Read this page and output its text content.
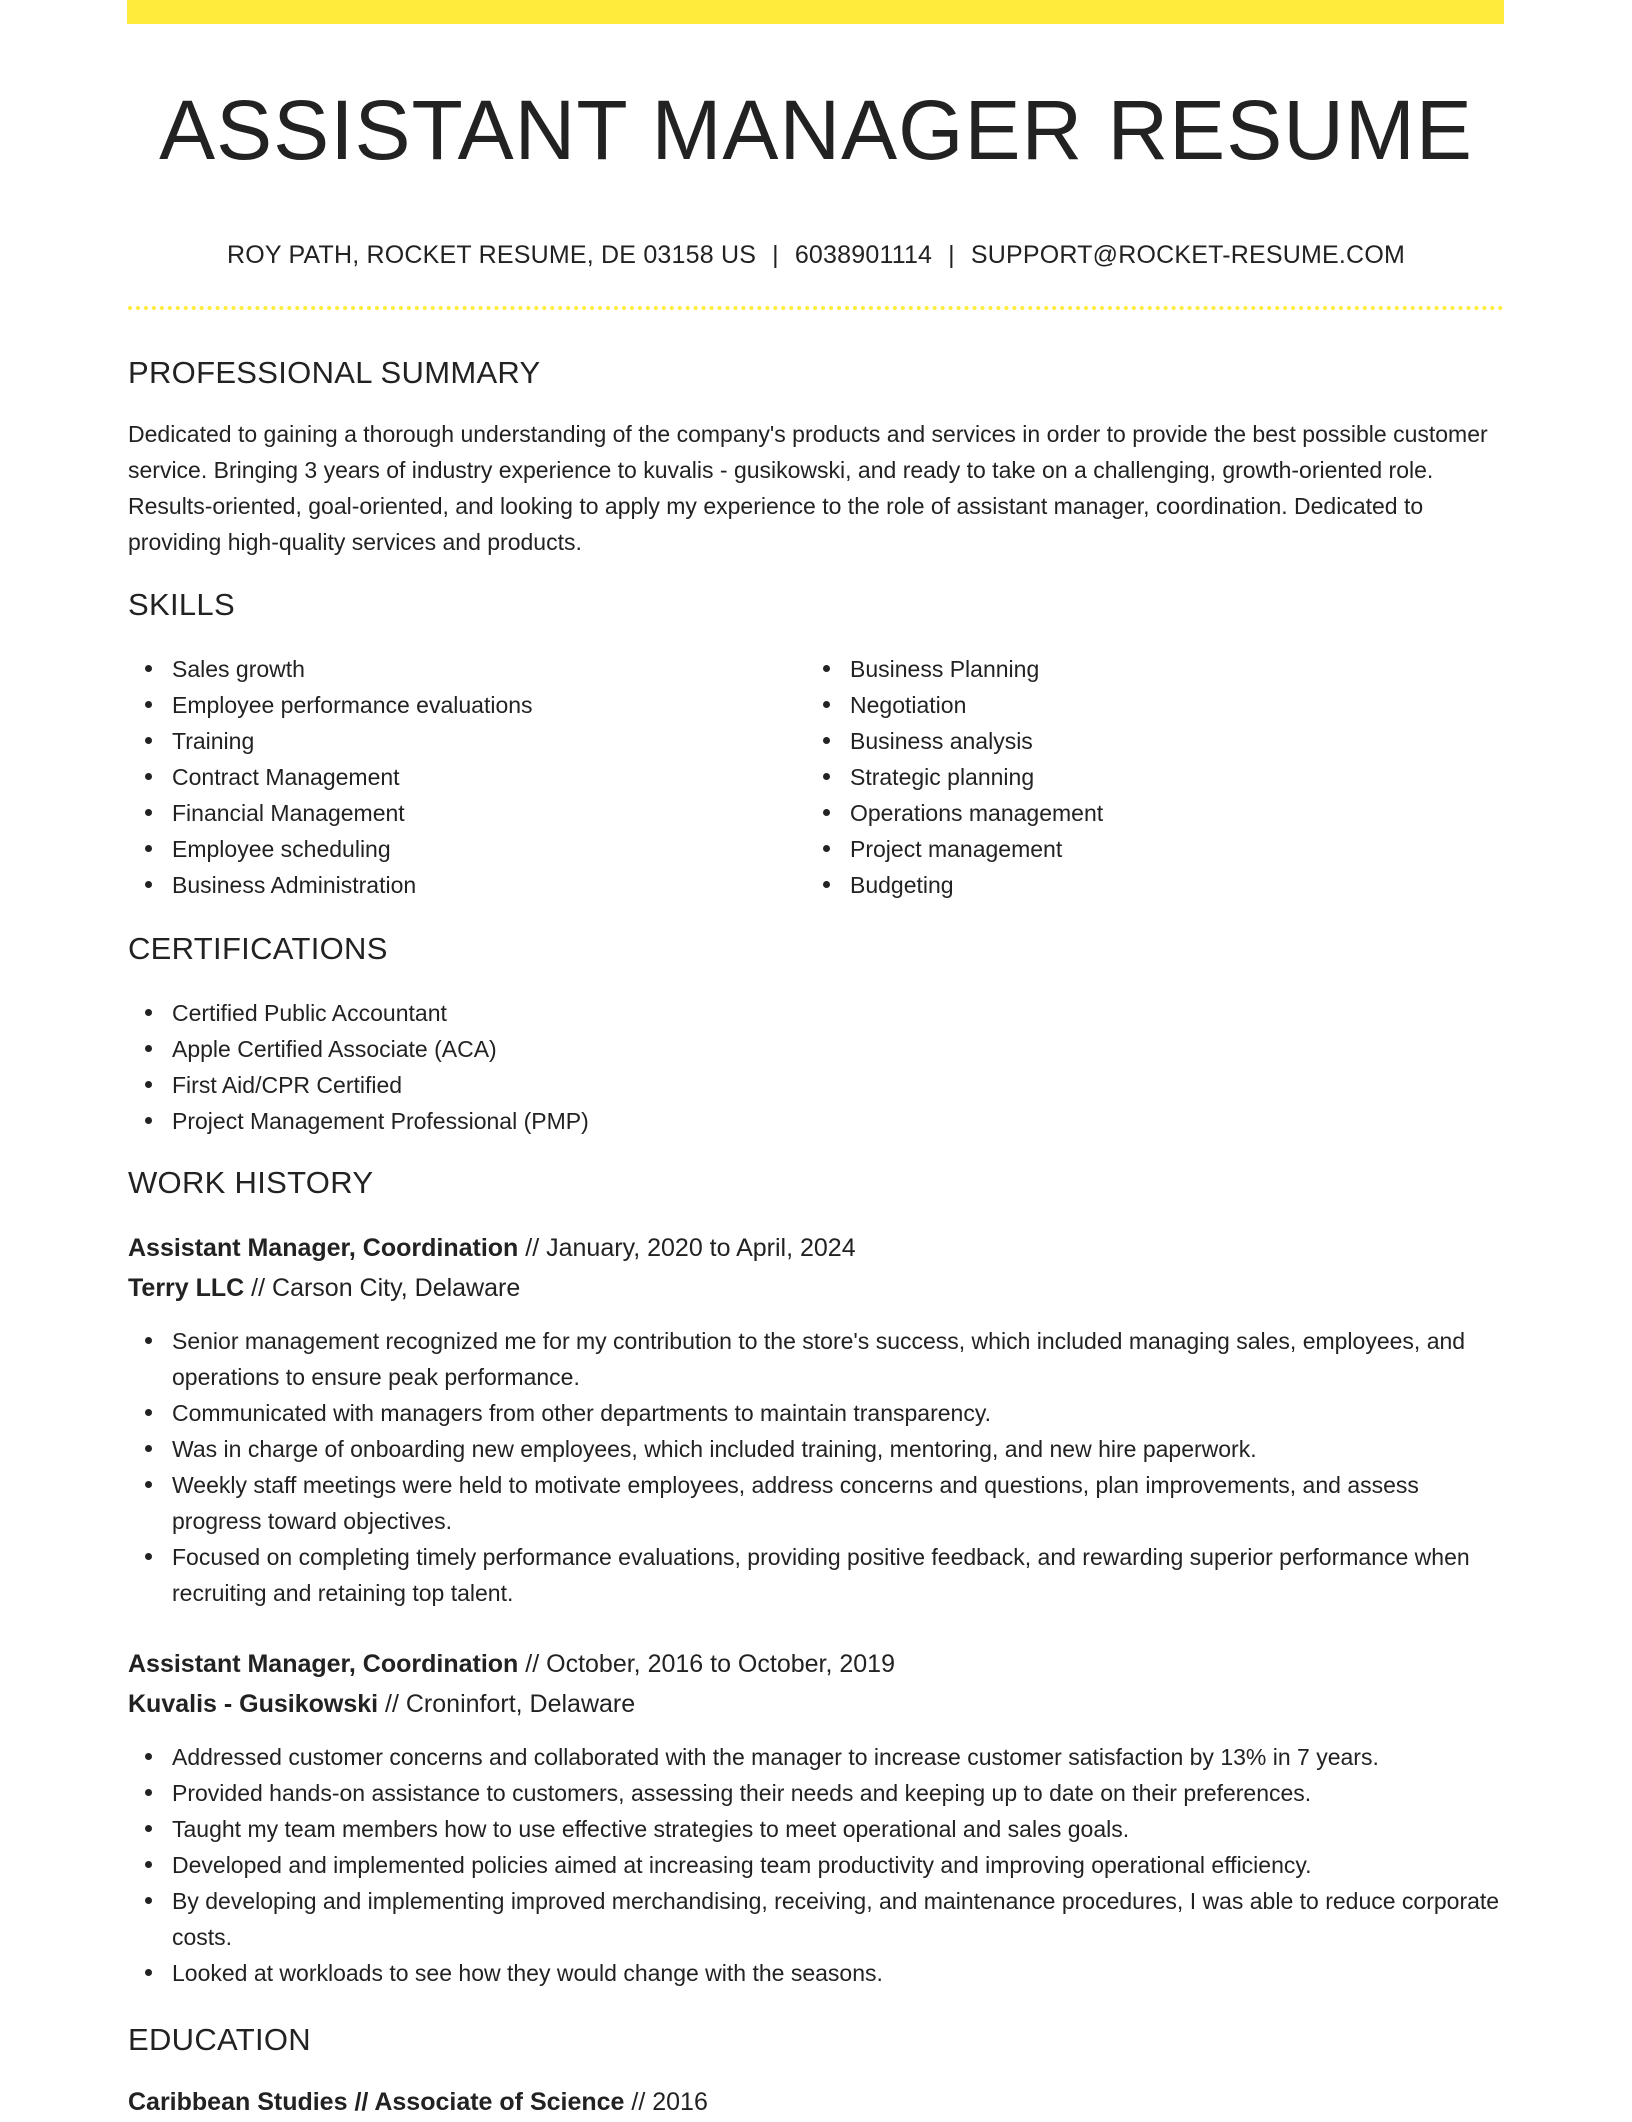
ASSISTANT MANAGER RESUME
ROY PATH, ROCKET RESUME, DE 03158 US | 6038901114 | SUPPORT@ROCKET-RESUME.COM
PROFESSIONAL SUMMARY

Dedicated to gaining a thorough understanding of the company's products and services in order to provide the best possible customer service. Bringing 3 years of industry experience to kuvalis - gusikowski, and ready to take on a challenging, growth-oriented role. Results-oriented, goal-oriented, and looking to apply my experience to the role of assistant manager, coordination. Dedicated to providing high-quality services and products.

SKILLS
Sales growth
Employee performance evaluations
Training
Contract Management
Financial Management
Employee scheduling
Business Administration
Business Planning
Negotiation
Business analysis
Strategic planning
Operations management
Project management
Budgeting
CERTIFICATIONS
Certified Public Accountant
Apple Certified Associate (ACA)
First Aid/CPR Certified
Project Management Professional (PMP)
WORK HISTORY
Assistant Manager, Coordination // January, 2020 to April, 2024
Terry LLC // Carson City, Delaware
Senior management recognized me for my contribution to the store's success, which included managing sales, employees, and operations to ensure peak performance.
Communicated with managers from other departments to maintain transparency.
Was in charge of onboarding new employees, which included training, mentoring, and new hire paperwork.
Weekly staff meetings were held to motivate employees, address concerns and questions, plan improvements, and assess progress toward objectives.
Focused on completing timely performance evaluations, providing positive feedback, and rewarding superior performance when recruiting and retaining top talent.
Assistant Manager, Coordination // October, 2016 to October, 2019
Kuvalis - Gusikowski // Croninfort, Delaware
Addressed customer concerns and collaborated with the manager to increase customer satisfaction by 13% in 7 years.
Provided hands-on assistance to customers, assessing their needs and keeping up to date on their preferences.
Taught my team members how to use effective strategies to meet operational and sales goals.
Developed and implemented policies aimed at increasing team productivity and improving operational efficiency.
By developing and implementing improved merchandising, receiving, and maintenance procedures, I was able to reduce corporate costs.
Looked at workloads to see how they would change with the seasons.
EDUCATION
Caribbean Studies // Associate of Science // 2016
